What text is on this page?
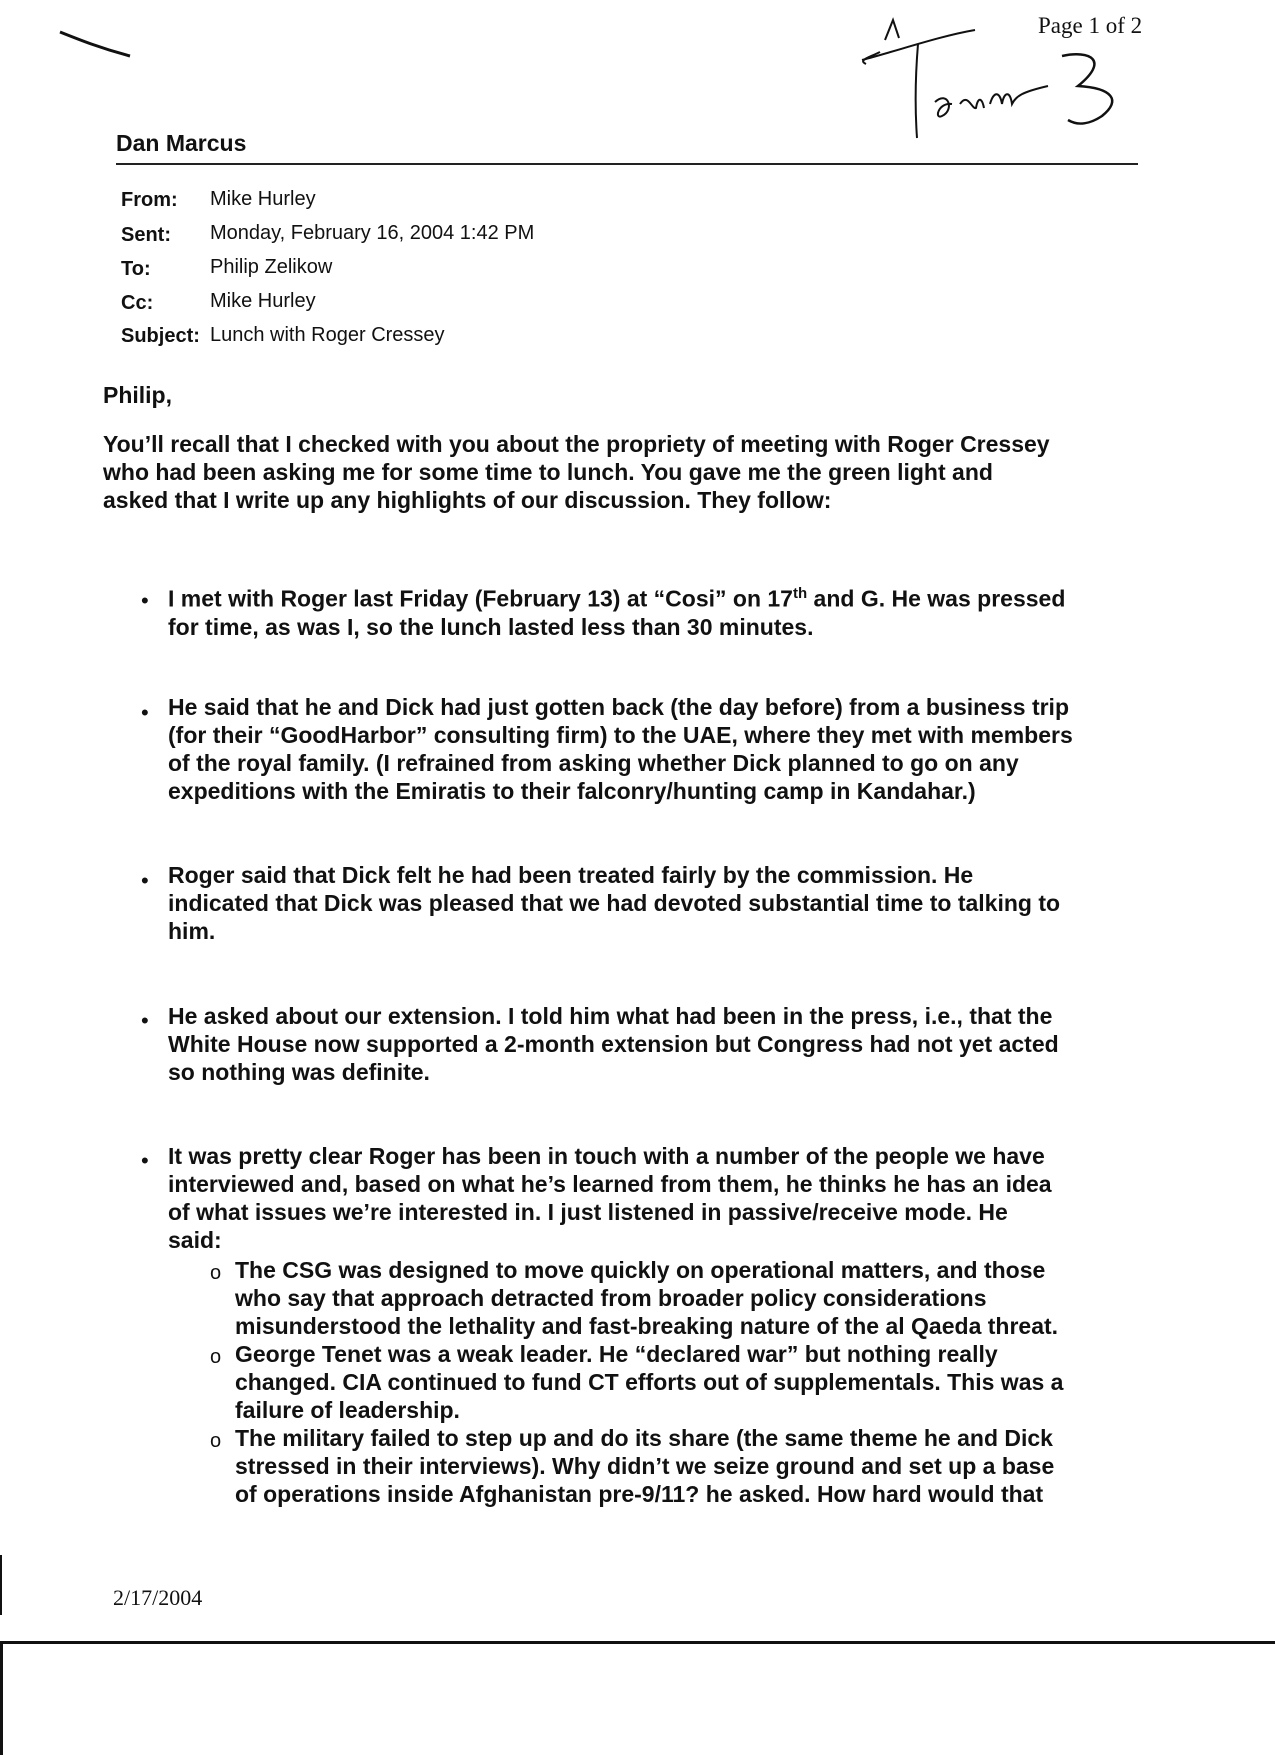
Page 1 of 2
Dan Marcus
From: Mike Hurley
Sent: Monday, February 16, 2004 1:42 PM
To:	Philip Zelikow
Cc:	Mike Hurley
Subject: Lunch with Roger Cressey
Philip,
You’ll recall that I checked with you about the propriety of meeting with Roger Cressey
who had been asking me for some time to lunch. You gave me the green light and
asked that I write up any highlights of our discussion. They follow:
• I met with Roger last Friday (February 13) at “Cosi” on 17th and G. He was pressed
for time, as was I, so the lunch lasted less than 30 minutes.
• He said that he and Dick had just gotten back (the day before) from a business trip
(for their “GoodHarbor” consulting firm) to the UAE, where they met with members
of the royal family. (I refrained from asking whether Dick planned to go on any
expeditions with the Emiratis to their falconry/hunting camp in Kandahar.)
• Roger said that Dick felt he had been treated fairly by the commission. He
indicated that Dick was pleased that we had devoted substantial time to talking to
him.
• He asked about our extension. I told him what had been in the press, i.e., that the
White House now supported a 2-month extension but Congress had not yet acted
so nothing was definite.
• It was pretty clear Roger has been in touch with a number of the people we have
interviewed and, based on what he’s learned from them, he thinks he has an idea
of what issues we’re interested in. I just listened in passive/receive mode. He
said:
o The CSG was designed to move quickly on operational matters, and those
who say that approach detracted from broader policy considerations
misunderstood the lethality and fast-breaking nature of the al Qaeda threat.
o George Tenet was a weak leader. He “declared war” but nothing really
changed. CIA continued to fund CT efforts out of supplementals. This was a
failure of leadership.
o The military failed to step up and do its share (the same theme he and Dick
stressed in their interviews). Why didn’t we seize ground and set up a base
of operations inside Afghanistan pre-9/11? he asked. How hard would that
2/17/2004
